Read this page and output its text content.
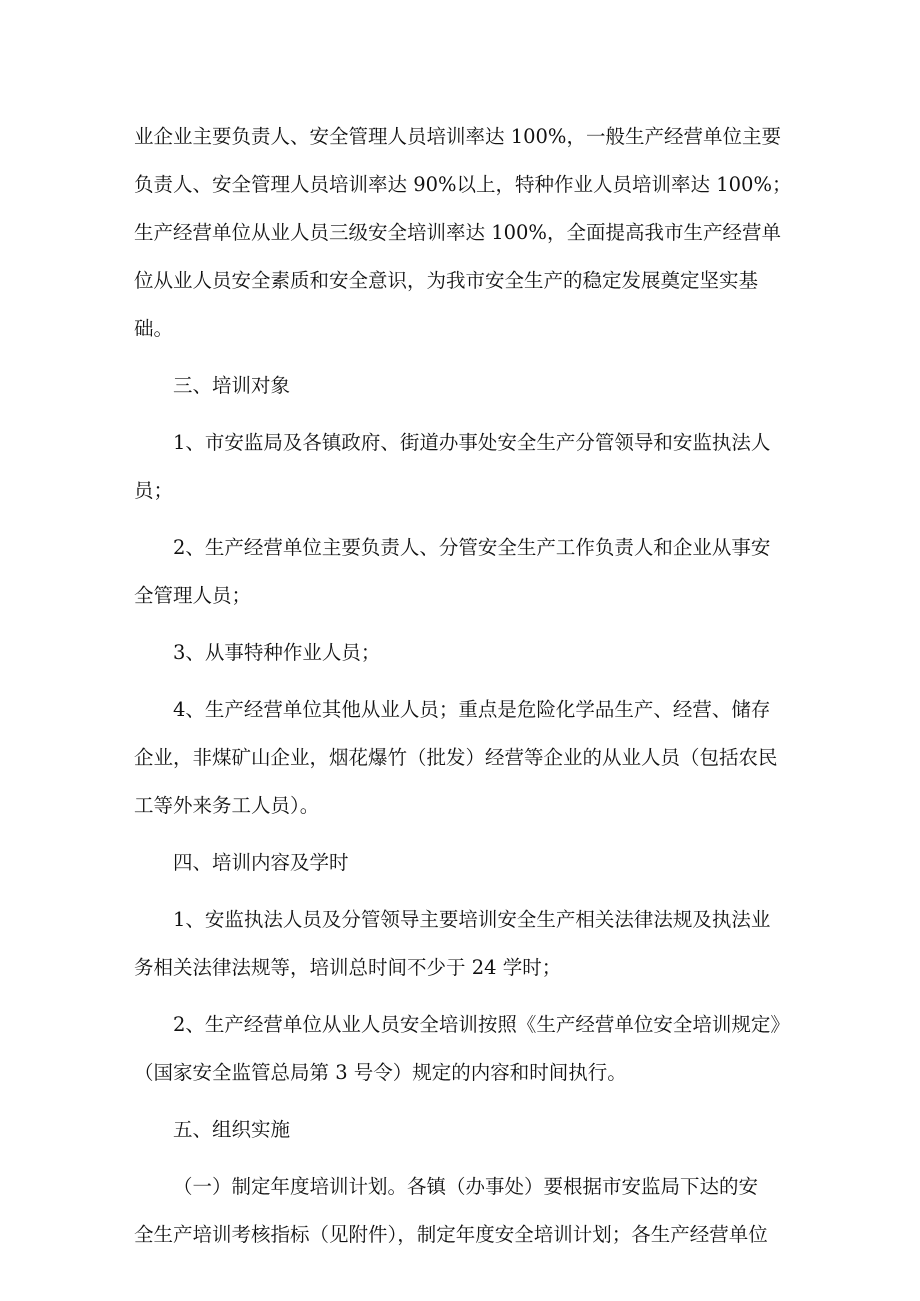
业企业主要负责人、安全管理人员培训率达 100%，一般生产经营单位主要
负责人、安全管理人员培训率达 90%以上，特种作业人员培训率达 100%；
生产经营单位从业人员三级安全培训率达 100%，全面提高我市生产经营单
位从业人员安全素质和安全意识，为我市安全生产的稳定发展奠定坚实基
础。

三、培训对象

1、市安监局及各镇政府、街道办事处安全生产分管领导和安监执法人
员；

2、生产经营单位主要负责人、分管安全生产工作负责人和企业从事安
全管理人员；

3、从事特种作业人员；

4、生产经营单位其他从业人员；重点是危险化学品生产、经营、储存
企业，非煤矿山企业，烟花爆竹（批发）经营等企业的从业人员（包括农民
工等外来务工人员）。

四、培训内容及学时

1、安监执法人员及分管领导主要培训安全生产相关法律法规及执法业
务相关法律法规等，培训总时间不少于 24 学时；

2、生产经营单位从业人员安全培训按照《生产经营单位安全培训规定》
（国家安全监管总局第 3 号令）规定的内容和时间执行。

五、组织实施

（一）制定年度培训计划。各镇（办事处）要根据市安监局下达的安
全生产培训考核指标（见附件），制定年度安全培训计划；各生产经营单位
